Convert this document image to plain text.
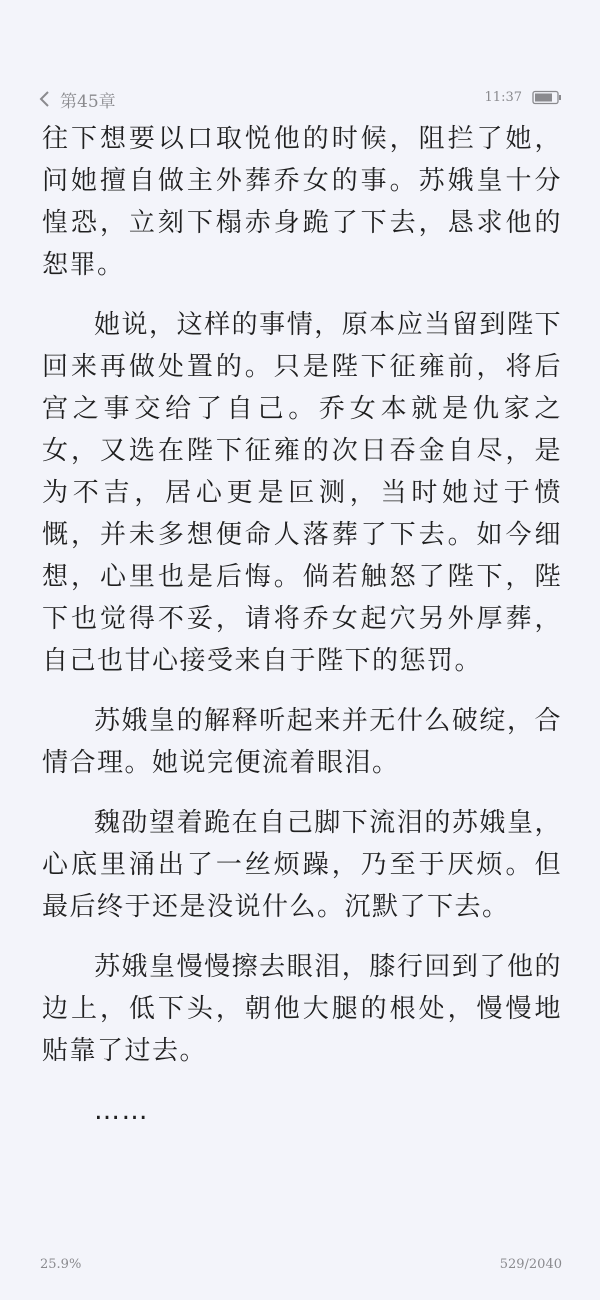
第45章	11:37

往下想要以口取悦他的时候，阻拦了她，问她擅自做主外葬乔女的事。苏娥皇十分惶恐，立刻下榻赤身跪了下去，恳求他的恕罪。

她说，这样的事情，原本应当留到陛下回来再做处置的。只是陛下征雍前，将后宫之事交给了自己。乔女本就是仇家之女，又选在陛下征雍的次日吞金自尽，是为不吉，居心更是叵测，当时她过于愤慨，并未多想便命人落葬了下去。如今细想，心里也是后悔。倘若触怒了陛下，陛下也觉得不妥，请将乔女起穴另外厚葬，自己也甘心接受来自于陛下的惩罚。

苏娥皇的解释听起来并无什么破绽，合情合理。她说完便流着眼泪。

魏劭望着跪在自己脚下流泪的苏娥皇，心底里涌出了一丝烦躁，乃至于厌烦。但最后终于还是没说什么。沉默了下去。

苏娥皇慢慢擦去眼泪，膝行回到了他的边上，低下头，朝他大腿的根处，慢慢地贴靠了过去。

……

25.9%	529/2040
